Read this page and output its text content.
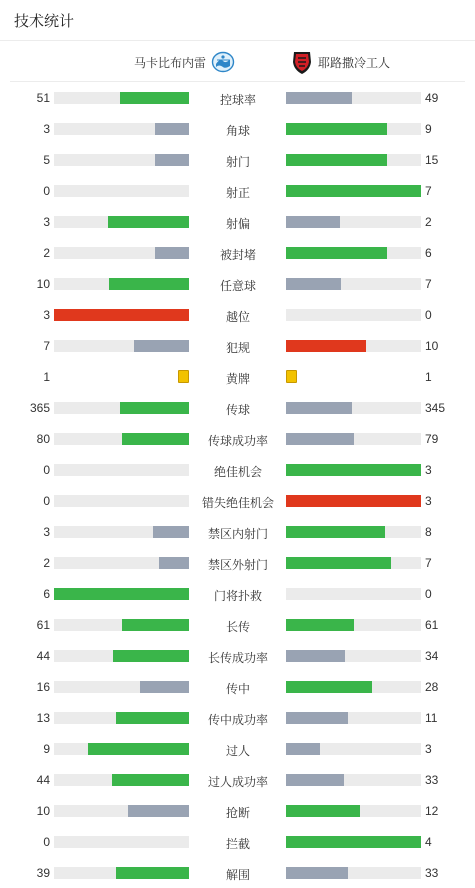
技术统计
马卡比布内雷	耶路撒冷工人
51	控球率	49
3	角球	9
5	射门	15
0	射正	7
3	射偏	2
2	被封堵	6
10	任意球	7
3	越位	0
7	犯规	10
1	黄牌	1
365	传球	345
80	传球成功率	79
0	绝佳机会	3
0	错失绝佳机会	3
3	禁区内射门	8
2	禁区外射门	7
6	门将扑救	0
61	长传	61
44	长传成功率	34
16	传中	28
13	传中成功率	11
9	过人	3
44	过人成功率	33
10	抢断	12
0	拦截	4
39	解围	33
